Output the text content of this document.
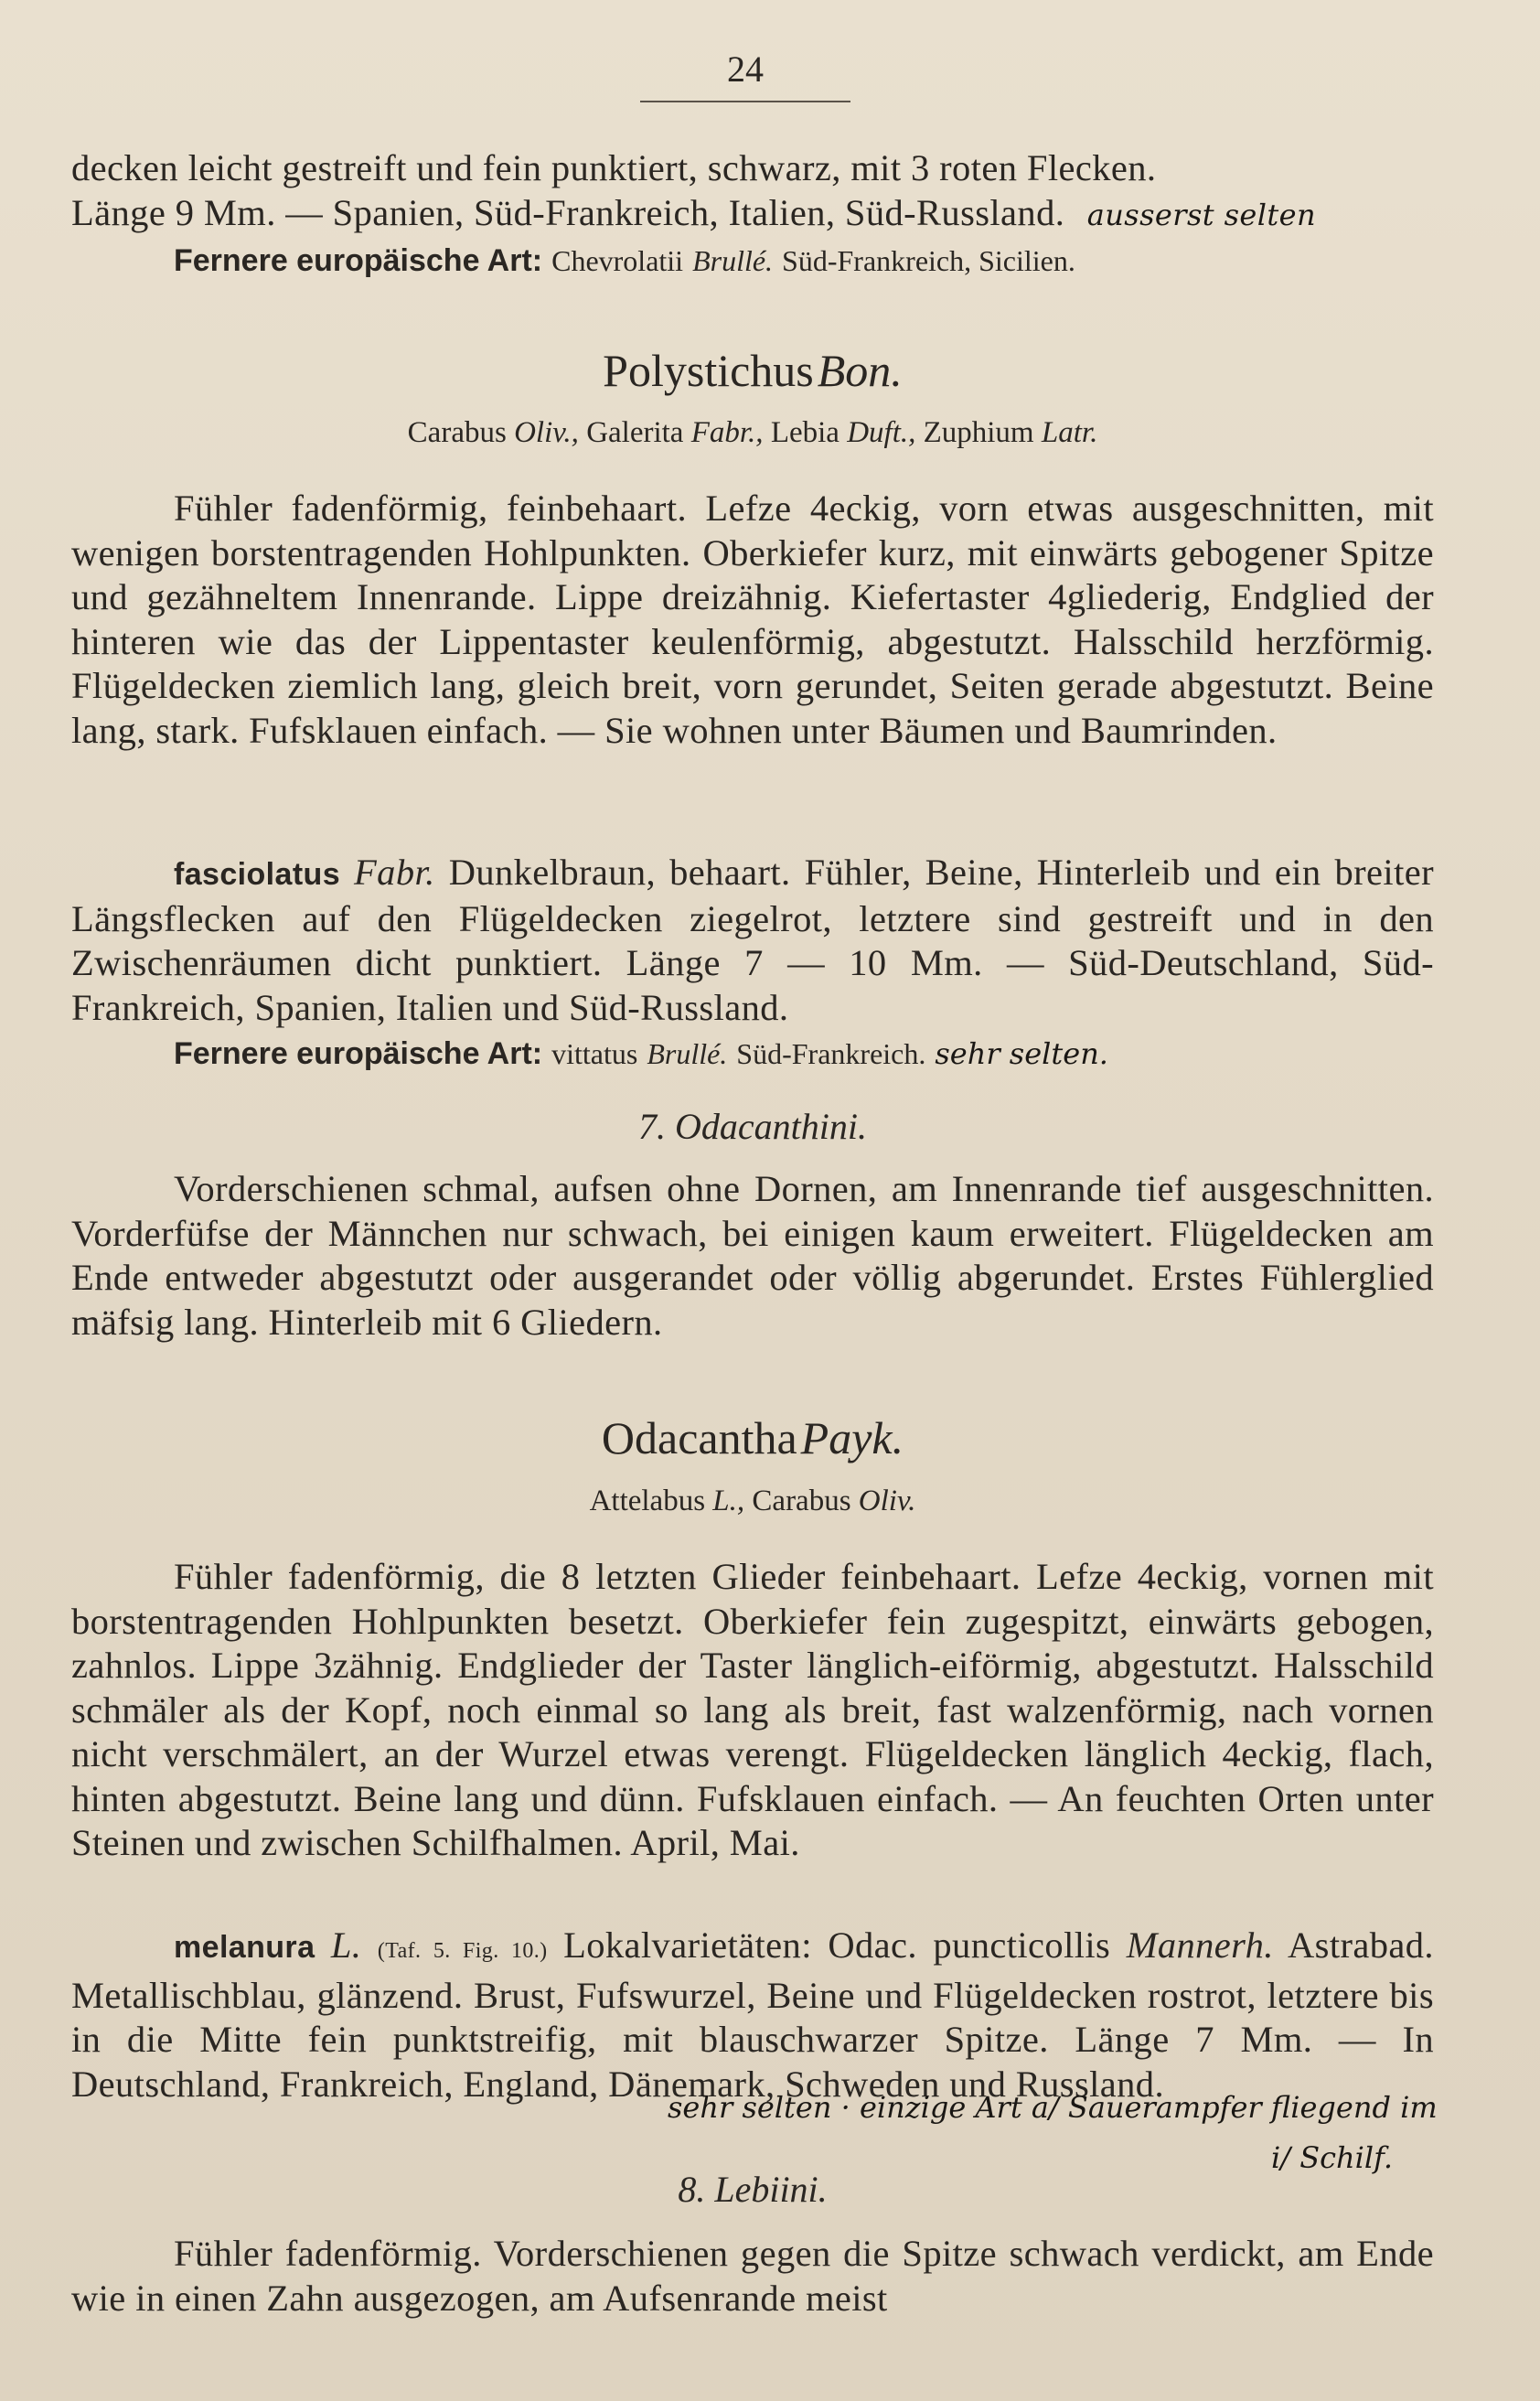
24

decken leicht gestreift und fein punktiert, schwarz, mit 3 roten Flecken.

Länge 9 Mm. — Spanien, Süd-Frankreich, Italien, Süd-Russland. ausserst selten

Fernere europäische Art: Chevrolatii Brullé. Süd-Frankreich, Sicilien.

Polystichus Bon.
Carabus Oliv., Galerita Fabr., Lebia Duft., Zuphium Latr.

Fühler fadenförmig, feinbehaart. Lefze 4eckig, vorn etwas ausgeschnitten, mit wenigen borstentragenden Hohlpunkten. Oberkiefer kurz, mit einwärts gebogener Spitze und gezähneltem Innenrande. Lippe dreizähnig. Kiefertaster 4gliederig, Endglied der hinteren wie das der Lippentaster keulenförmig, abgestutzt. Halsschild herzförmig. Flügeldecken ziemlich lang, gleich breit, vorn gerundet, Seiten gerade abgestutzt. Beine lang, stark. Fufsklauen einfach. — Sie wohnen unter Bäumen und Baumrinden.

fasciolatus Fabr. Dunkelbraun, behaart. Fühler, Beine, Hinterleib und ein breiter Längsflecken auf den Flügeldecken ziegelrot, letztere sind gestreift und in den Zwischenräumen dicht punktiert. Länge 7 — 10 Mm. — Süd-Deutschland, Süd-Frankreich, Spanien, Italien und Süd-Russland.

Fernere europäische Art: vittatus Brullé. Süd-Frankreich. sehr selten.

7. Odacanthini.

Vorderschienen schmal, aufsen ohne Dornen, am Innenrande tief ausgeschnitten. Vorderfüfse der Männchen nur schwach, bei einigen kaum erweitert. Flügeldecken am Ende entweder abgestutzt oder ausgerandet oder völlig abgerundet. Erstes Fühlerglied mäfsig lang. Hinterleib mit 6 Gliedern.

Odacantha Payk.
Attelabus L., Carabus Oliv.

Fühler fadenförmig, die 8 letzten Glieder feinbehaart. Lefze 4eckig, vornen mit borstentragenden Hohlpunkten besetzt. Oberkiefer fein zugespitzt, einwärts gebogen, zahnlos. Lippe 3zähnig. Endglieder der Taster länglich-eiförmig, abgestutzt. Halsschild schmäler als der Kopf, noch einmal so lang als breit, fast walzenförmig, nach vornen nicht verschmälert, an der Wurzel etwas verengt. Flügeldecken länglich 4eckig, flach, hinten abgestutzt. Beine lang und dünn. Fufsklauen einfach. — An feuchten Orten unter Steinen und zwischen Schilfhalmen. April, Mai.

melanura L. (Taf. 5. Fig. 10.) Lokalvarietäten: Odac. puncticollis Mannerh. Astrabad. Metallischblau, glänzend. Brust, Fufswurzel, Beine und Flügeldecken rostrot, letztere bis in die Mitte fein punktstreifig, mit blauschwarzer Spitze. Länge 7 Mm. — In Deutschland, Frankreich, England, Dänemark, Schweden und Russland.

sehr selten · einzige Art a/ Sauerampfer fliegend im
i/ Schilf.
8. Lebiini.

Fühler fadenförmig. Vorderschienen gegen die Spitze schwach verdickt, am Ende wie in einen Zahn ausgezogen, am Aufsenrande meist
